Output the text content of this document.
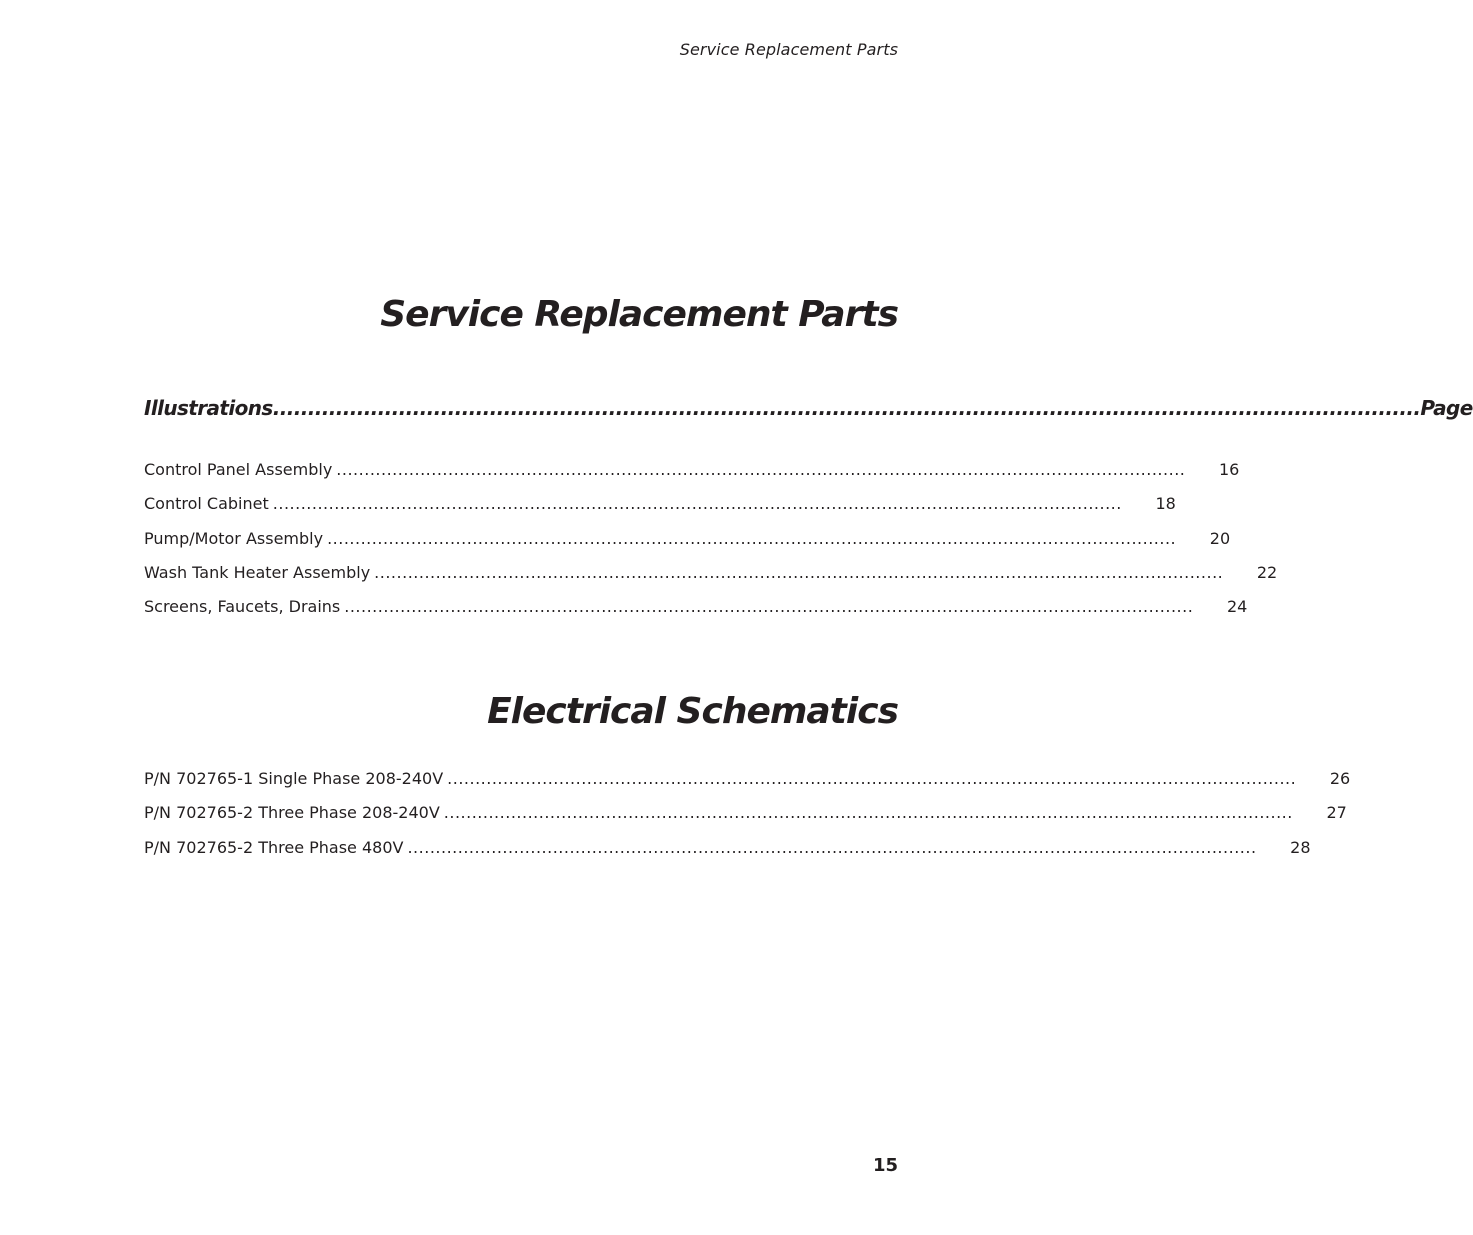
Service Replacement Parts
Service Replacement Parts
Illustrations .................................................................................................................................................................... Page
Control Panel Assembly ........................................................................................................................................................	16
Control Cabinet ........................................................................................................................................................	18
Pump/Motor Assembly ........................................................................................................................................................	20
Wash Tank Heater Assembly ........................................................................................................................................................	22
Screens, Faucets, Drains ........................................................................................................................................................	24
Electrical Schematics
P/N 702765-1 Single Phase 208-240V ........................................................................................................................................................	26
P/N 702765-2 Three Phase 208-240V ........................................................................................................................................................	27
P/N 702765-2 Three Phase 480V ........................................................................................................................................................	28
15
